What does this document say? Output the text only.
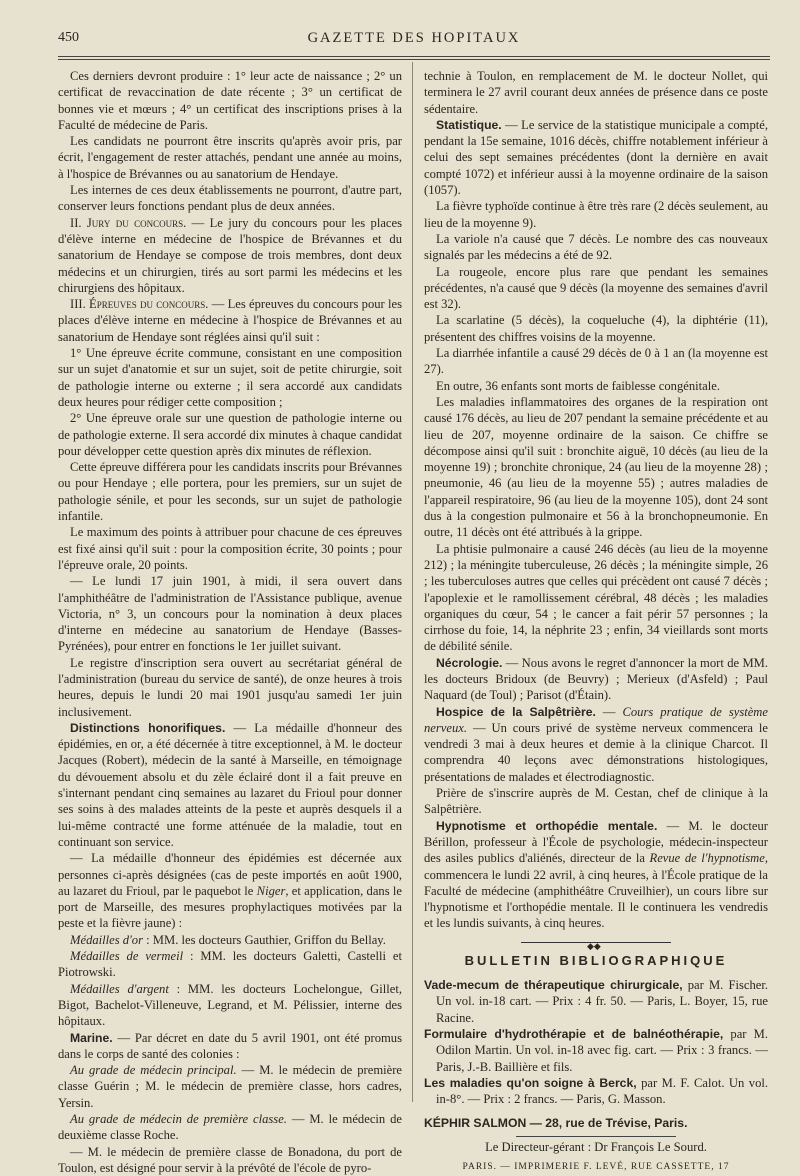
450	GAZETTE DES HOPITAUX

Ces derniers devront produire : 1° leur acte de naissance ; 2° un certificat de revaccination de date récente ; 3° un certificat de bonnes vie et mœurs ; 4° un certificat des inscriptions prises à la Faculté de médecine de Paris.

Les candidats ne pourront être inscrits qu'après avoir pris, par écrit, l'engagement de rester attachés, pendant une année au moins, à l'hospice de Brévannes ou au sanatorium de Hendaye.

Les internes de ces deux établissements ne pourront, d'autre part, conserver leurs fonctions pendant plus de deux années.

II. Jury du concours. — Le jury du concours pour les places d'élève interne en médecine de l'hospice de Brévannes et du sanatorium de Hendaye se compose de trois membres, dont deux médecins et un chirurgien, tirés au sort parmi les médecins et les chirurgiens des hôpitaux.

III. Épreuves du concours. — Les épreuves du concours pour les places d'élève interne en médecine à l'hospice de Brévannes et au sanatorium de Hendaye sont réglées ainsi qu'il suit :

1° Une épreuve écrite commune, consistant en une composition sur un sujet d'anatomie et sur un sujet, soit de petite chirurgie, soit de pathologie interne ou externe ; il sera accordé aux candidats deux heures pour rédiger cette composition ;

2° Une épreuve orale sur une question de pathologie interne ou de pathologie externe. Il sera accordé dix minutes à chaque candidat pour développer cette question après dix minutes de réflexion.

Cette épreuve différera pour les candidats inscrits pour Brévannes ou pour Hendaye ; elle portera, pour les premiers, sur un sujet de pathologie sénile, et pour les seconds, sur un sujet de pathologie infantile.

Le maximum des points à attribuer pour chacune de ces épreuves est fixé ainsi qu'il suit : pour la composition écrite, 30 points ; pour l'épreuve orale, 20 points.

— Le lundi 17 juin 1901, à midi, il sera ouvert dans l'amphithéâtre de l'administration de l'Assistance publique, avenue Victoria, n° 3, un concours pour la nomination à deux places d'interne en médecine au sanatorium de Hendaye (Basses-Pyrénées), pour entrer en fonctions le 1er juillet suivant.

Le registre d'inscription sera ouvert au secrétariat général de l'administration (bureau du service de santé), de onze heures à trois heures, depuis le lundi 20 mai 1901 jusqu'au samedi 1er juin inclusivement.

Distinctions honorifiques. — La médaille d'honneur des épidémies, en or, a été décernée à titre exceptionnel, à M. le docteur Jacques (Robert), médecin de la santé à Marseille, en témoignage du dévouement absolu et du zèle éclairé dont il a fait preuve en s'internant pendant cinq semaines au lazaret du Frioul pour donner ses soins à des malades atteints de la peste et auprès desquels il a lui-même contracté une forme atténuée de la maladie, tout en continuant son service.

— La médaille d'honneur des épidémies est décernée aux personnes ci-après désignées (cas de peste importés en août 1900, au lazaret du Frioul, par le paquebot le Niger, et application, dans le port de Marseille, des mesures prophylactiques motivées par la peste et la fièvre jaune) :

Médailles d'or : MM. les docteurs Gauthier, Griffon du Bellay.

Médailles de vermeil : MM. les docteurs Galetti, Castelli et Piotrowski.

Médailles d'argent : MM. les docteurs Lochelongue, Gillet, Bigot, Bachelot-Villeneuve, Legrand, et M. Pélissier, interne des hôpitaux.

Marine. — Par décret en date du 5 avril 1901, ont été promus dans le corps de santé des colonies :

Au grade de médecin principal. — M. le médecin de première classe Guérin ; M. le médecin de première classe, hors cadres, Yersin.

Au grade de médecin de première classe. — M. le médecin de deuxième classe Roche.

— M. le médecin de première classe de Bonadona, du port de Toulon, est désigné pour servir à la prévôté de l'école de pyro-

technie à Toulon, en remplacement de M. le docteur Nollet, qui terminera le 27 avril courant deux années de présence dans ce poste sédentaire.

Statistique. — Le service de la statistique municipale a compté, pendant la 15e semaine, 1016 décès, chiffre notablement inférieur à celui des sept semaines précédentes (dont la dernière en avait compté 1072) et inférieur aussi à la moyenne ordinaire de la saison (1057).

La fièvre typhoïde continue à être très rare (2 décès seulement, au lieu de la moyenne 9).

La variole n'a causé que 7 décès. Le nombre des cas nouveaux signalés par les médecins a été de 92.

La rougeole, encore plus rare que pendant les semaines précédentes, n'a causé que 9 décès (la moyenne des semaines d'avril est 32).

La scarlatine (5 décès), la coqueluche (4), la diphtérie (11), présentent des chiffres voisins de la moyenne.

La diarrhée infantile a causé 29 décès de 0 à 1 an (la moyenne est 27).

En outre, 36 enfants sont morts de faiblesse congénitale.

Les maladies inflammatoires des organes de la respiration ont causé 176 décès, au lieu de 207 pendant la semaine précédente et au lieu de 207, moyenne ordinaire de la saison. Ce chiffre se décompose ainsi qu'il suit : bronchite aiguë, 10 décès (au lieu de la moyenne 19) ; bronchite chronique, 24 (au lieu de la moyenne 28) ; pneumonie, 46 (au lieu de la moyenne 55) ; autres maladies de l'appareil respiratoire, 96 (au lieu de la moyenne 105), dont 24 sont dus à la congestion pulmonaire et 56 à la bronchopneumonie. En outre, 11 décès ont été attribués à la grippe.

La phtisie pulmonaire a causé 246 décès (au lieu de la moyenne 212) ; la méningite tuberculeuse, 26 décès ; la méningite simple, 26 ; les tuberculoses autres que celles qui précèdent ont causé 7 décès ; l'apoplexie et le ramollissement cérébral, 48 décès ; les maladies organiques du cœur, 54 ; le cancer a fait périr 57 personnes ; la cirrhose du foie, 14, la néphrite 23 ; enfin, 34 vieillards sont morts de débilité sénile.

Nécrologie. — Nous avons le regret d'annoncer la mort de MM. les docteurs Bridoux (de Beuvry) ; Merieux (d'Asfeld) ; Paul Naquard (de Toul) ; Parisot (d'Étain).

Hospice de la Salpêtrière. — Cours pratique de système nerveux. — Un cours privé de système nerveux commencera le vendredi 3 mai à deux heures et demie à la clinique Charcot. Il comprendra 40 leçons avec démonstrations histologiques, présentations de malades et électrodiagnostic.

Prière de s'inscrire auprès de M. Cestan, chef de clinique à la Salpêtrière.

Hypnotisme et orthopédie mentale. — M. le docteur Bérillon, professeur à l'École de psychologie, médecin-inspecteur des asiles publics d'aliénés, directeur de la Revue de l'hypnotisme, commencera le lundi 22 avril, à cinq heures, à l'École pratique de la Faculté de médecine (amphithéâtre Cruveilhier), un cours libre sur l'hypnotisme et l'orthopédie mentale. Il le continuera les vendredis et les lundis suivants, à cinq heures.

◆◆
BULLETIN BIBLIOGRAPHIQUE

Vade-mecum de thérapeutique chirurgicale, par M. Fischer. Un vol. in-18 cart. — Prix : 4 fr. 50. — Paris, L. Boyer, 15, rue Racine.

Formulaire d'hydrothérapie et de balnéothérapie, par M. Odilon Martin. Un vol. in-18 avec fig. cart. — Prix : 3 francs. — Paris, J.-B. Baillière et fils.

Les maladies qu'on soigne à Berck, par M. F. Calot. Un vol. in-8°. — Prix : 2 francs. — Paris, G. Masson.

KÉPHIR SALMON — 28, rue de Trévise, Paris.

Le Directeur-gérant : Dr François Le Sourd.
PARIS. — IMPRIMERIE F. LEVÉ, RUE CASSETTE, 17
